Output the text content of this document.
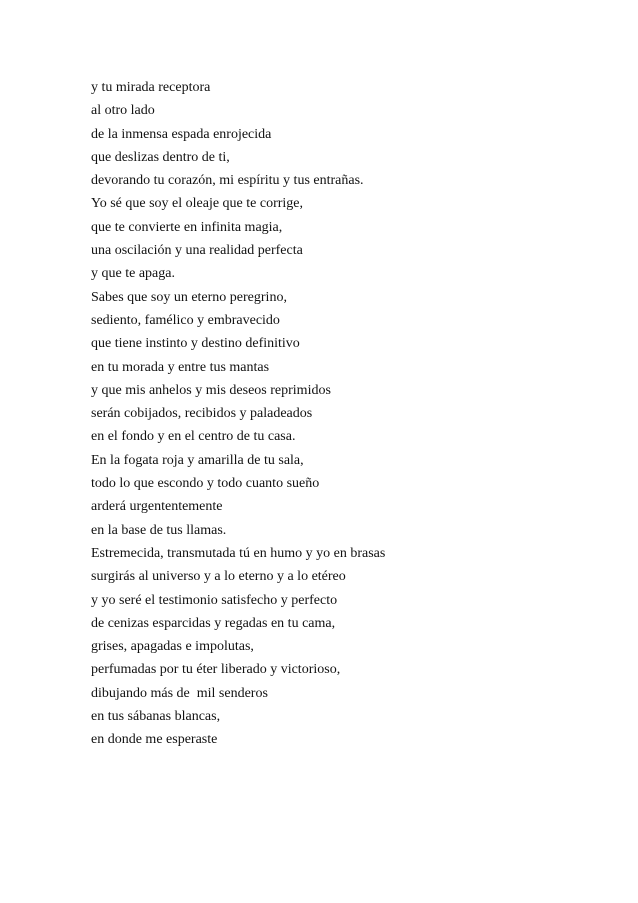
y tu mirada receptora
al otro lado
de la inmensa espada enrojecida
que deslizas dentro de ti,
devorando tu corazón, mi espíritu y tus entrañas.
Yo sé que soy el oleaje que te corrige,
que te convierte en infinita magia,
una oscilación y una realidad perfecta
y que te apaga.
Sabes que soy un eterno peregrino,
sediento, famélico y embravecido
que tiene instinto y destino definitivo
en tu morada y entre tus mantas
y que mis anhelos y mis deseos reprimidos
serán cobijados, recibidos y paladeados
en el fondo y en el centro de tu casa.
En la fogata roja y amarilla de tu sala,
todo lo que escondo y todo cuanto sueño
arderá urgententemente
en la base de tus llamas.
Estremecida, transmutada tú en humo y yo en brasas
surgirás al universo y a lo eterno y a lo etéreo
y yo seré el testimonio satisfecho y perfecto
de cenizas esparcidas y regadas en tu cama,
grises, apagadas e impolutas,
perfumadas por tu éter liberado y victorioso,
dibujando más de  mil senderos
en tus sábanas blancas,
en donde me esperaste
